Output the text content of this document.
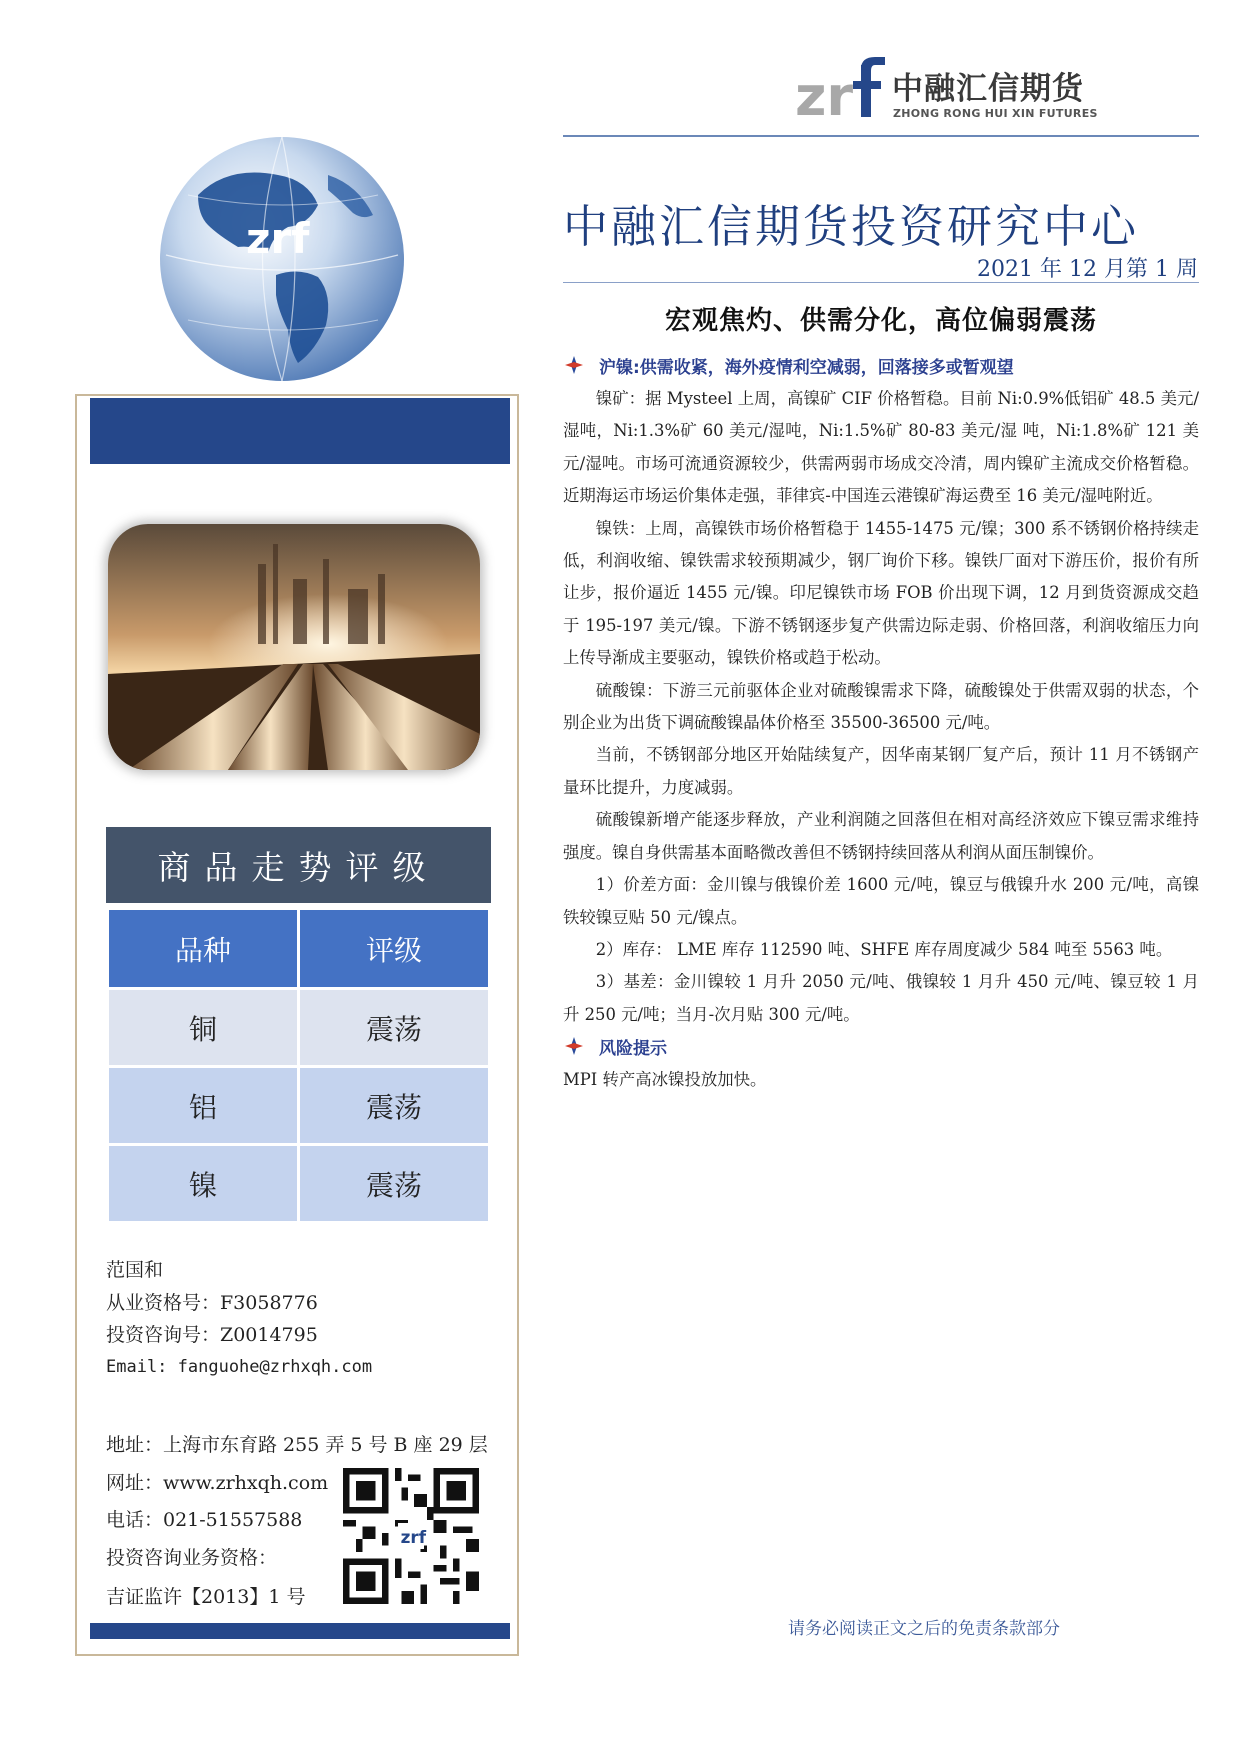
zr 中融汇信期货
ZHONG RONG HUI XIN FUTURES
中融汇信期货投资研究中心
2021 年 12 月第 1 周
宏观焦灼、供需分化，高位偏弱震荡
zrf
商品走势评级
品种	评级
铜	震荡
铝	震荡
镍	震荡
范国和
从业资格号：F3058776
投资咨询号：Z0014795
Email: fanguohe@zrhxqh.com
地址：上海市东育路 255 弄 5 号 B 座 29 层
网址：www.zrhxqh.com
电话：021-51557588
投资咨询业务资格：
吉证监许【2013】1 号
zrf
沪镍:供需收紧，海外疫情利空减弱，回落接多或暂观望

镍矿：据 Mysteel 上周，高镍矿 CIF 价格暂稳。目前 Ni:0.9%低铝矿 48.5 美元/湿吨，Ni:1.3%矿 60 美元/湿吨，Ni:1.5%矿 80-83 美元/湿 吨，Ni:1.8%矿 121 美元/湿吨。市场可流通资源较少，供需两弱市场成交冷清，周内镍矿主流成交价格暂稳。近期海运市场运价集体走强，菲律宾-中国连云港镍矿海运费至 16 美元/湿吨附近。

镍铁：上周，高镍铁市场价格暂稳于 1455-1475 元/镍；300 系不锈钢价格持续走低，利润收缩、镍铁需求较预期减少，钢厂询价下移。镍铁厂面对下游压价，报价有所让步，报价逼近 1455 元/镍。印尼镍铁市场 FOB 价出现下调，12 月到货资源成交趋于 195-197 美元/镍。下游不锈钢逐步复产供需边际走弱、价格回落，利润收缩压力向上传导渐成主要驱动，镍铁价格或趋于松动。

硫酸镍：下游三元前驱体企业对硫酸镍需求下降，硫酸镍处于供需双弱的状态，个别企业为出货下调硫酸镍晶体价格至 35500-36500 元/吨。

当前，不锈钢部分地区开始陆续复产，因华南某钢厂复产后，预计 11 月不锈钢产量环比提升，力度减弱。

硫酸镍新增产能逐步释放，产业利润随之回落但在相对高经济效应下镍豆需求维持强度。镍自身供需基本面略微改善但不锈钢持续回落从利润从面压制镍价。

1）价差方面：金川镍与俄镍价差 1600 元/吨，镍豆与俄镍升水 200 元/吨，高镍铁较镍豆贴 50 元/镍点。

2）库存： LME 库存 112590 吨、SHFE 库存周度减少 584 吨至 5563 吨。

3）基差：金川镍较 1 月升 2050 元/吨、俄镍较 1 月升 450 元/吨、镍豆较 1 月升 250 元/吨；当月-次月贴 300 元/吨。

风险提示

MPI 转产高冰镍投放加快。

请务必阅读正文之后的免责条款部分
